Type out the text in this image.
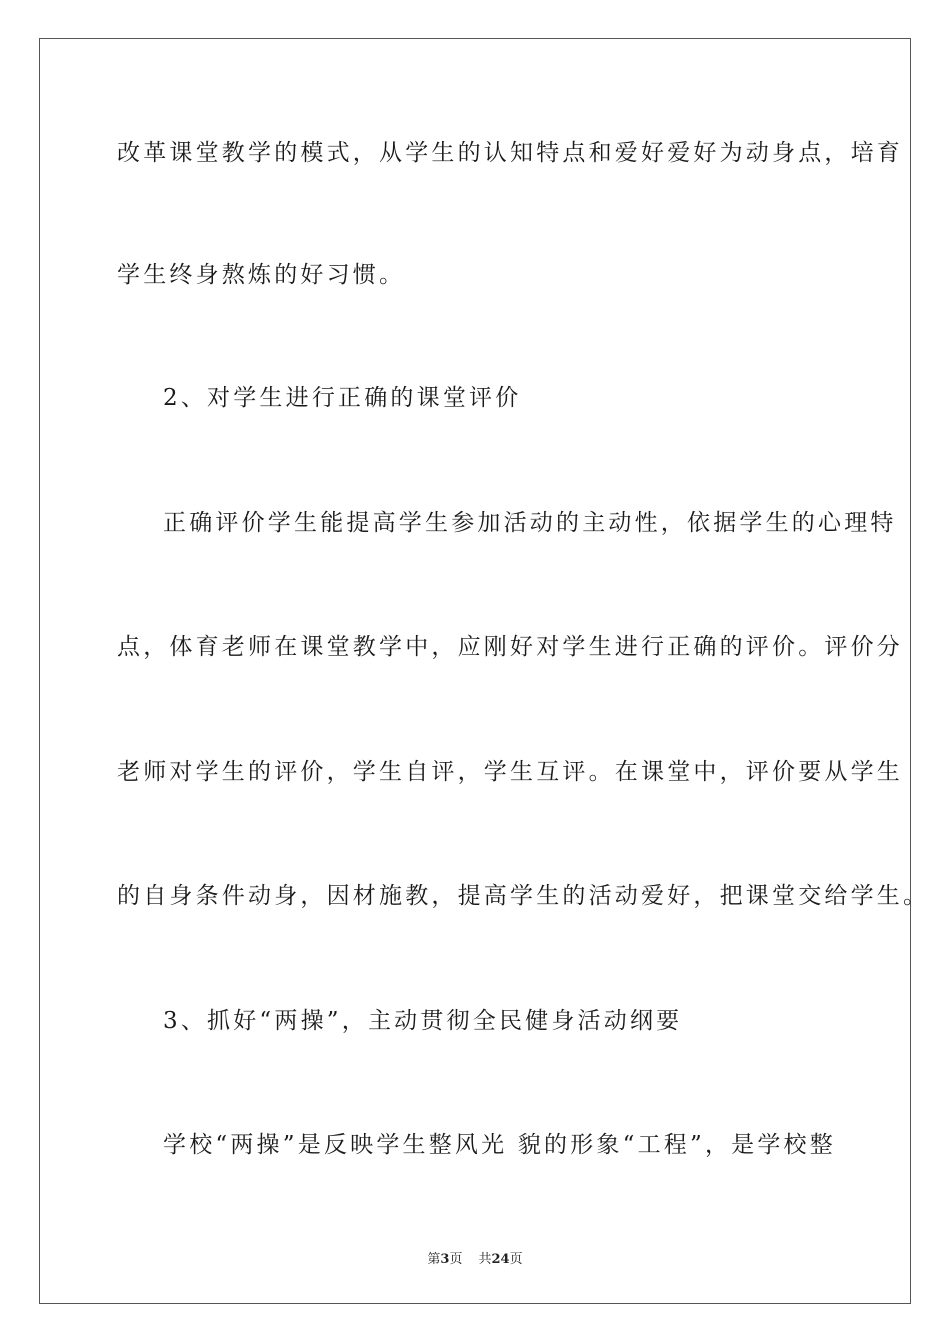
改革课堂教学的模式，从学生的认知特点和爱好爱好为动身点，培育
学生终身熬炼的好习惯。
2、对学生进行正确的课堂评价
正确评价学生能提高学生参加活动的主动性，依据学生的心理特
点，体育老师在课堂教学中，应刚好对学生进行正确的评价。评价分
老师对学生的评价，学生自评，学生互评。在课堂中，评价要从学生
的自身条件动身，因材施教，提高学生的活动爱好，把课堂交给学生。
3、抓好“两操”，主动贯彻全民健身活动纲要
学校“两操”是反映学生整风光 貌的形象“工程”，是学校整
第3页 共24页
